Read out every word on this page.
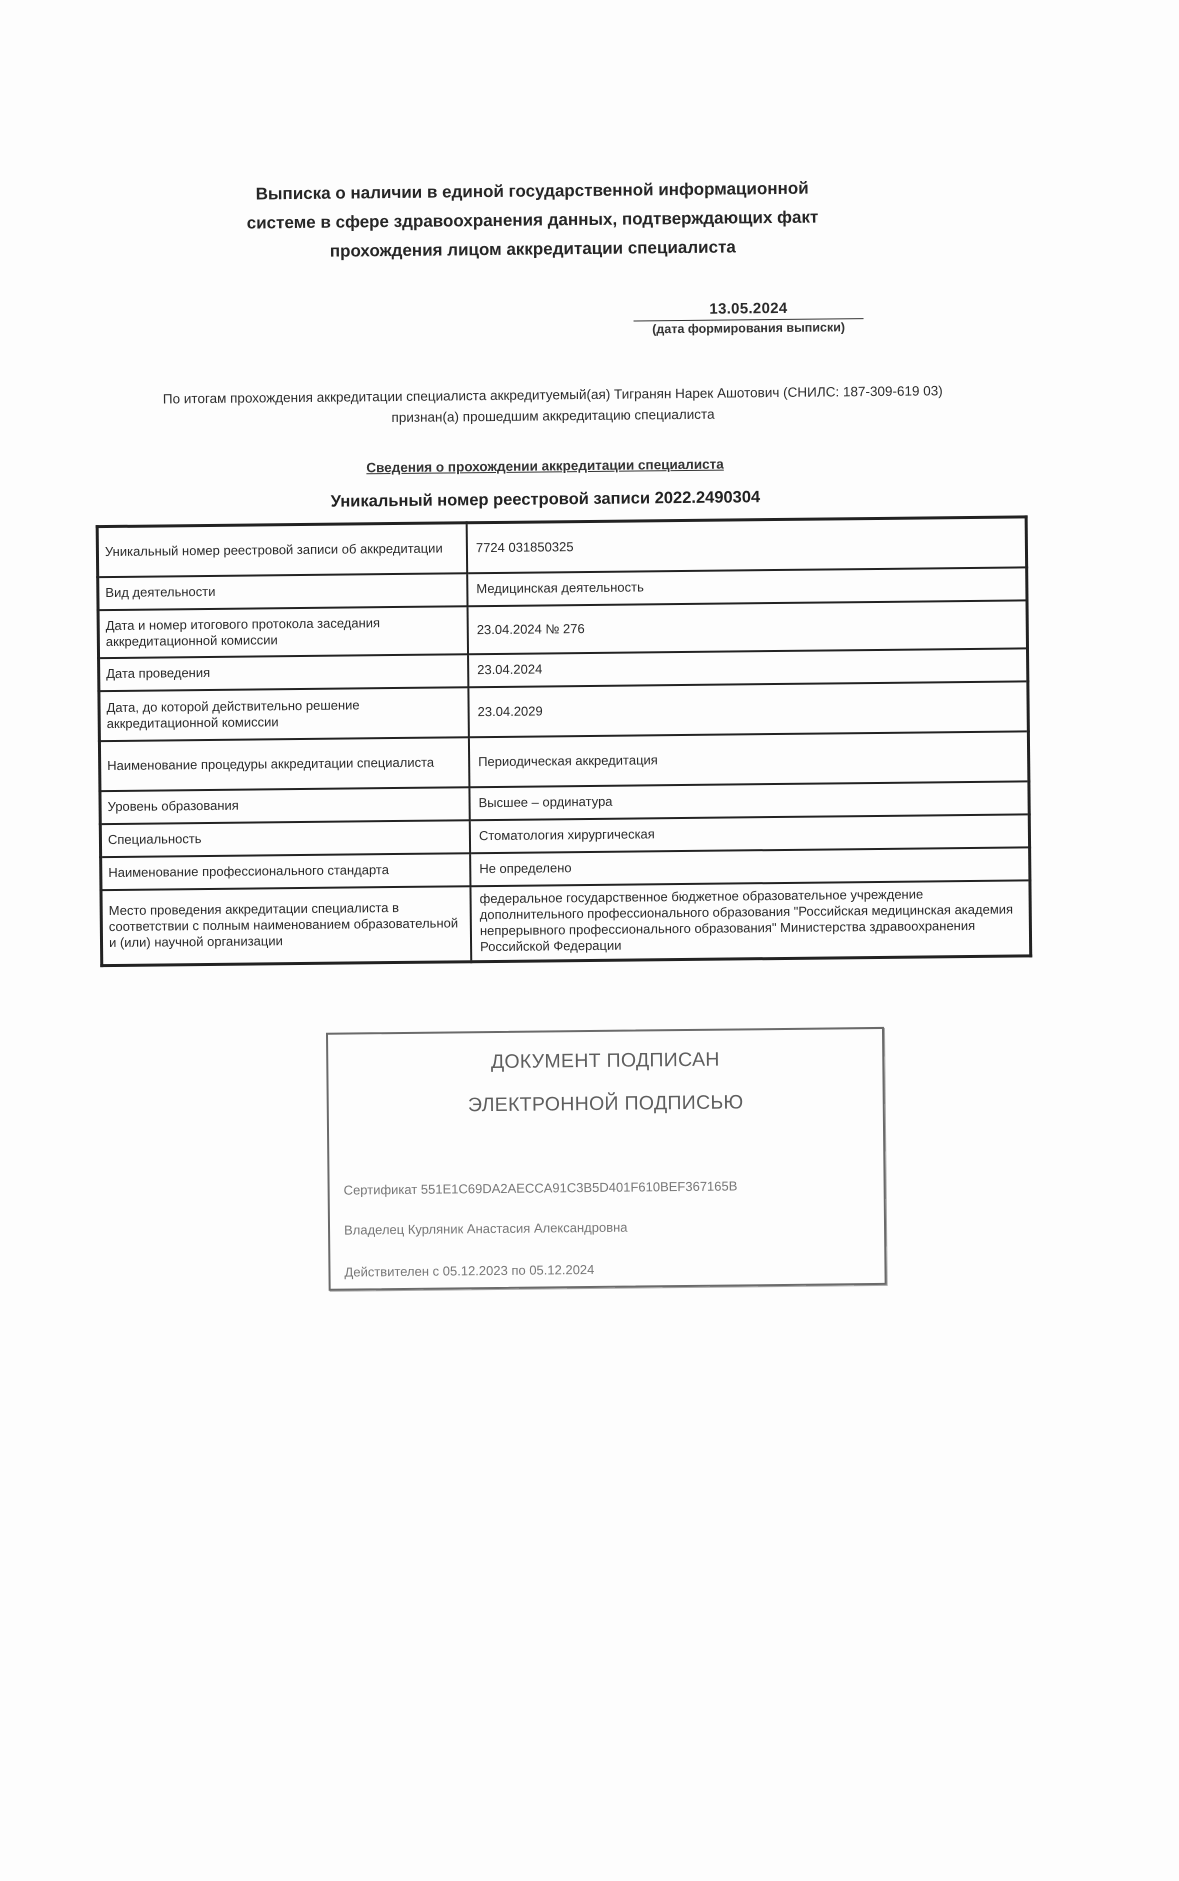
Выписка о наличии в единой государственной информационной
системе в сфере здравоохранения данных, подтверждающих факт
прохождения лицом аккредитации специалиста
13.05.2024
(дата формирования выписки)
По итогам прохождения аккредитации специалиста аккредитуемый(ая) Тигранян Нарек Ашотович (СНИЛС: 187-309-619 03)
признан(а) прошедшим аккредитацию специалиста
Сведения о прохождении аккредитации специалиста
Уникальный номер реестровой записи 2022.2490304
Уникальный номер реестровой записи об аккредитации	7724 031850325
Вид деятельности	Медицинская деятельность
Дата и номер итогового протокола заседания аккредитационной комиссии	23.04.2024 № 276
Дата проведения	23.04.2024
Дата, до которой действительно решение аккредитационной комиссии	23.04.2029
Наименование процедуры аккредитации специалиста	Периодическая аккредитация
Уровень образования	Высшее – ординатура
Специальность	Стоматология хирургическая
Наименование профессионального стандарта	Не определено
Место проведения аккредитации специалиста в соответствии с полным наименованием образовательной и (или) научной организации	федеральное государственное бюджетное образовательное учреждение дополнительного профессионального образования "Российская медицинская академия непрерывного профессионального образования" Министерства здравоохранения Российской Федерации
ДОКУМЕНТ ПОДПИСАН
ЭЛЕКТРОННОЙ ПОДПИСЬЮ
Сертификат 551E1C69DA2AECCA91C3B5D401F610BEF367165B
Владелец Курляник Анастасия Александровна
Действителен с 05.12.2023 по 05.12.2024
